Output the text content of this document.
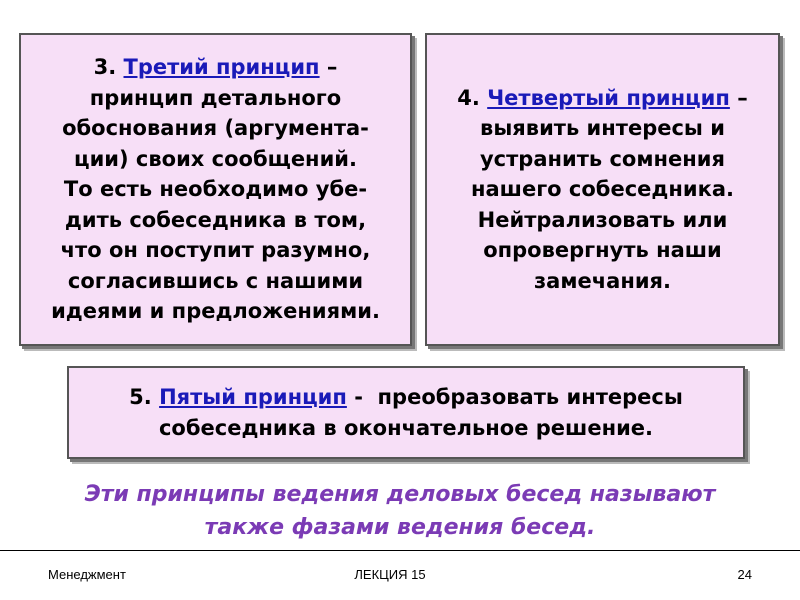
3. Третий принцип –
принцип детального
обоснования (аргумента-
ции) своих сообщений.
То есть необходимо убе-
дить собеседника в том,
что он поступит разумно,
согласившись с нашими
идеями и предложениями.
4. Четвертый принцип –
выявить интересы и
устранить сомнения
нашего собеседника.
Нейтрализовать или
опровергнуть наши
замечания.
5. Пятый принцип -  преобразовать интересы
собеседника в окончательное решение.
Эти принципы ведения деловых бесед называют
также фазами ведения бесед.
Менеджмент	ЛЕКЦИЯ 15	24
